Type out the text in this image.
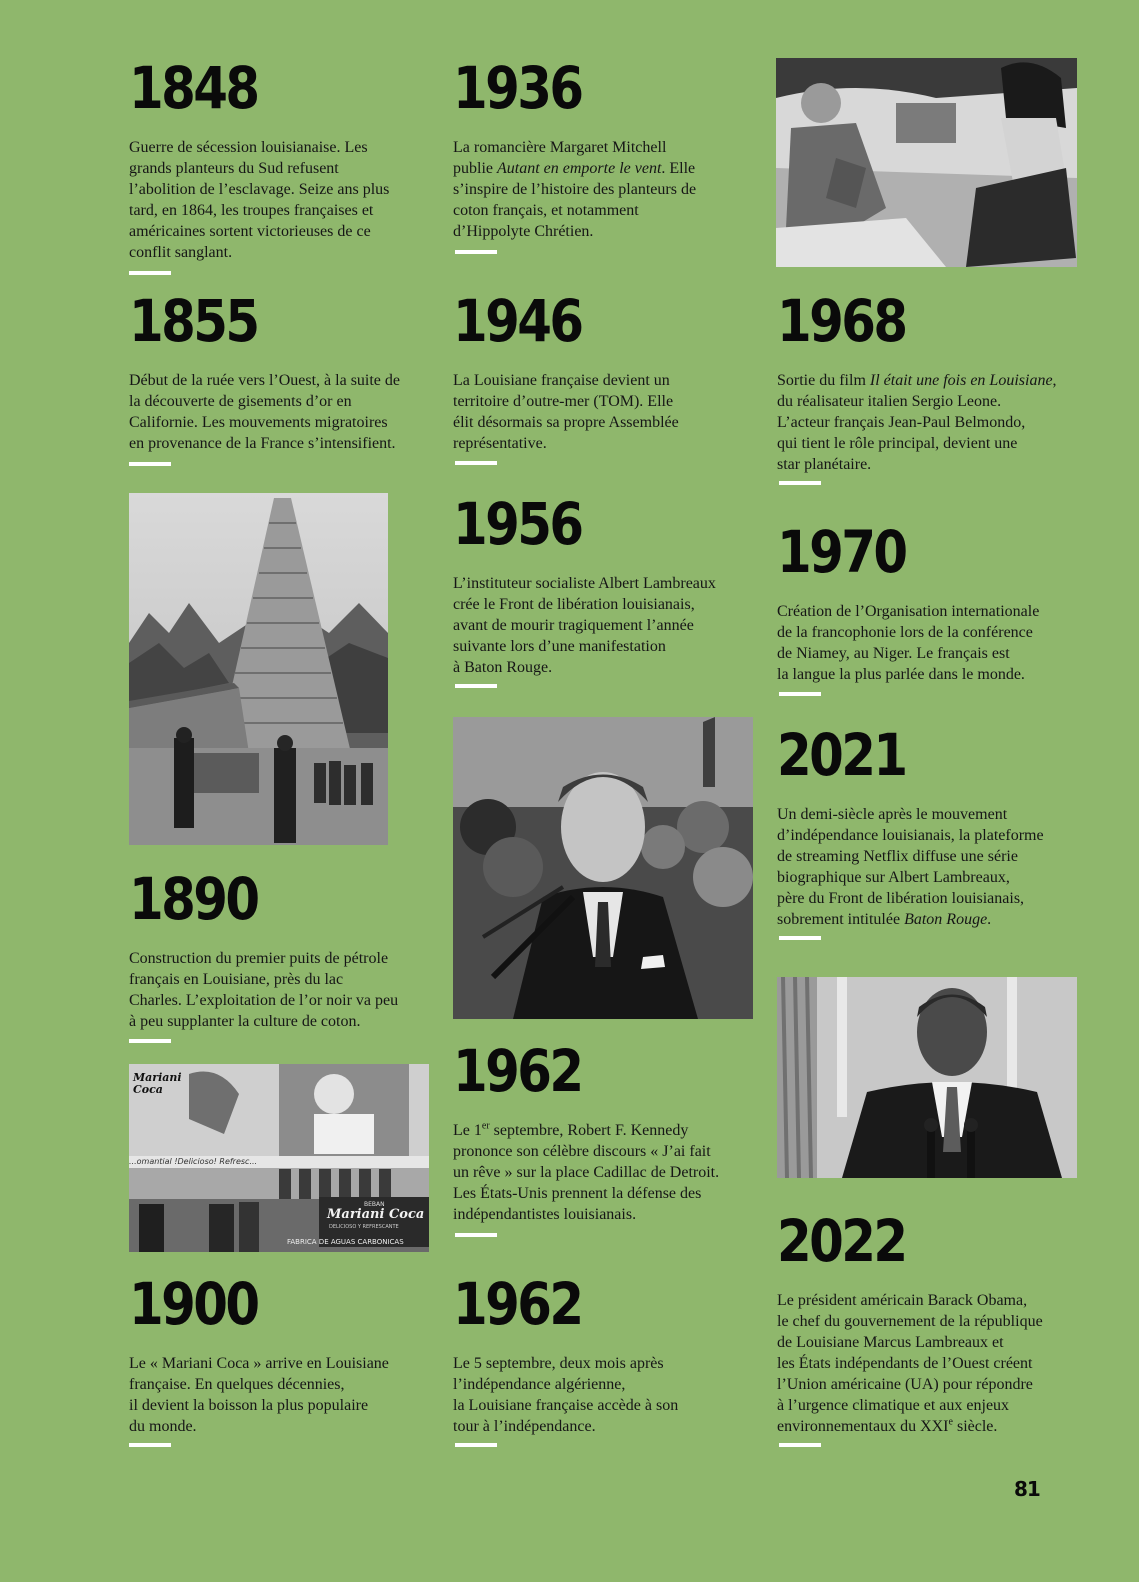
1848

Guerre de sécession louisianaise. Les
grands planteurs du Sud refusent
l’abolition de l’esclavage. Seize ans plus
tard, en 1864, les troupes françaises et
américaines sortent victorieuses de ce
conflit sanglant.

1855

Début de la ruée vers l’Ouest, à la suite de
la découverte de gisements d’or en
Californie. Les mouvements migratoires
en provenance de la France s’intensifient.

1890

Construction du premier puits de pétrole
français en Louisiane, près du lac
Charles. L’exploitation de l’or noir va peu
à peu supplanter la culture de coton.

Mariani
Coca
...omantial !Delicioso! Refresc...
BEBAN
Mariani Coca
DELICIOSO Y REFRESCANTE
FABRICA DE AGUAS CARBONICAS
1900

Le « Mariani Coca » arrive en Louisiane
française. En quelques décennies,
il devient la boisson la plus populaire
du monde.

1936

La romancière Margaret Mitchell
publie Autant en emporte le vent. Elle
s’inspire de l’histoire des planteurs de
coton français, et notamment
d’Hippolyte Chrétien.

1946

La Louisiane française devient un
territoire d’outre-mer (TOM). Elle
élit désormais sa propre Assemblée
représentative.

1956

L’instituteur socialiste Albert Lambreaux
crée le Front de libération louisianais,
avant de mourir tragiquement l’année
suivante lors d’une manifestation
à Baton Rouge.

1962

Le 1er septembre, Robert F. Kennedy
prononce son célèbre discours « J’ai fait
un rêve » sur la place Cadillac de Detroit.
Les États-Unis prennent la défense des
indépendantistes louisianais.

1962

Le 5 septembre, deux mois après
l’indépendance algérienne,
la Louisiane française accède à son
tour à l’indépendance.

1968

Sortie du film Il était une fois en Louisiane,
du réalisateur italien Sergio Leone.
L’acteur français Jean-Paul Belmondo,
qui tient le rôle principal, devient une
star planétaire.

1970

Création de l’Organisation internationale
de la francophonie lors de la conférence
de Niamey, au Niger. Le français est
la langue la plus parlée dans le monde.

2021

Un demi-siècle après le mouvement
d’indépendance louisianais, la plateforme
de streaming Netflix diffuse une série
biographique sur Albert Lambreaux,
père du Front de libération louisianais,
sobrement intitulée Baton Rouge.

2022

Le président américain Barack Obama,
le chef du gouvernement de la république
de Louisiane Marcus Lambreaux et
les États indépendants de l’Ouest créent
l’Union américaine (UA) pour répondre
à l’urgence climatique et aux enjeux
environnementaux du XXIe siècle.

81
